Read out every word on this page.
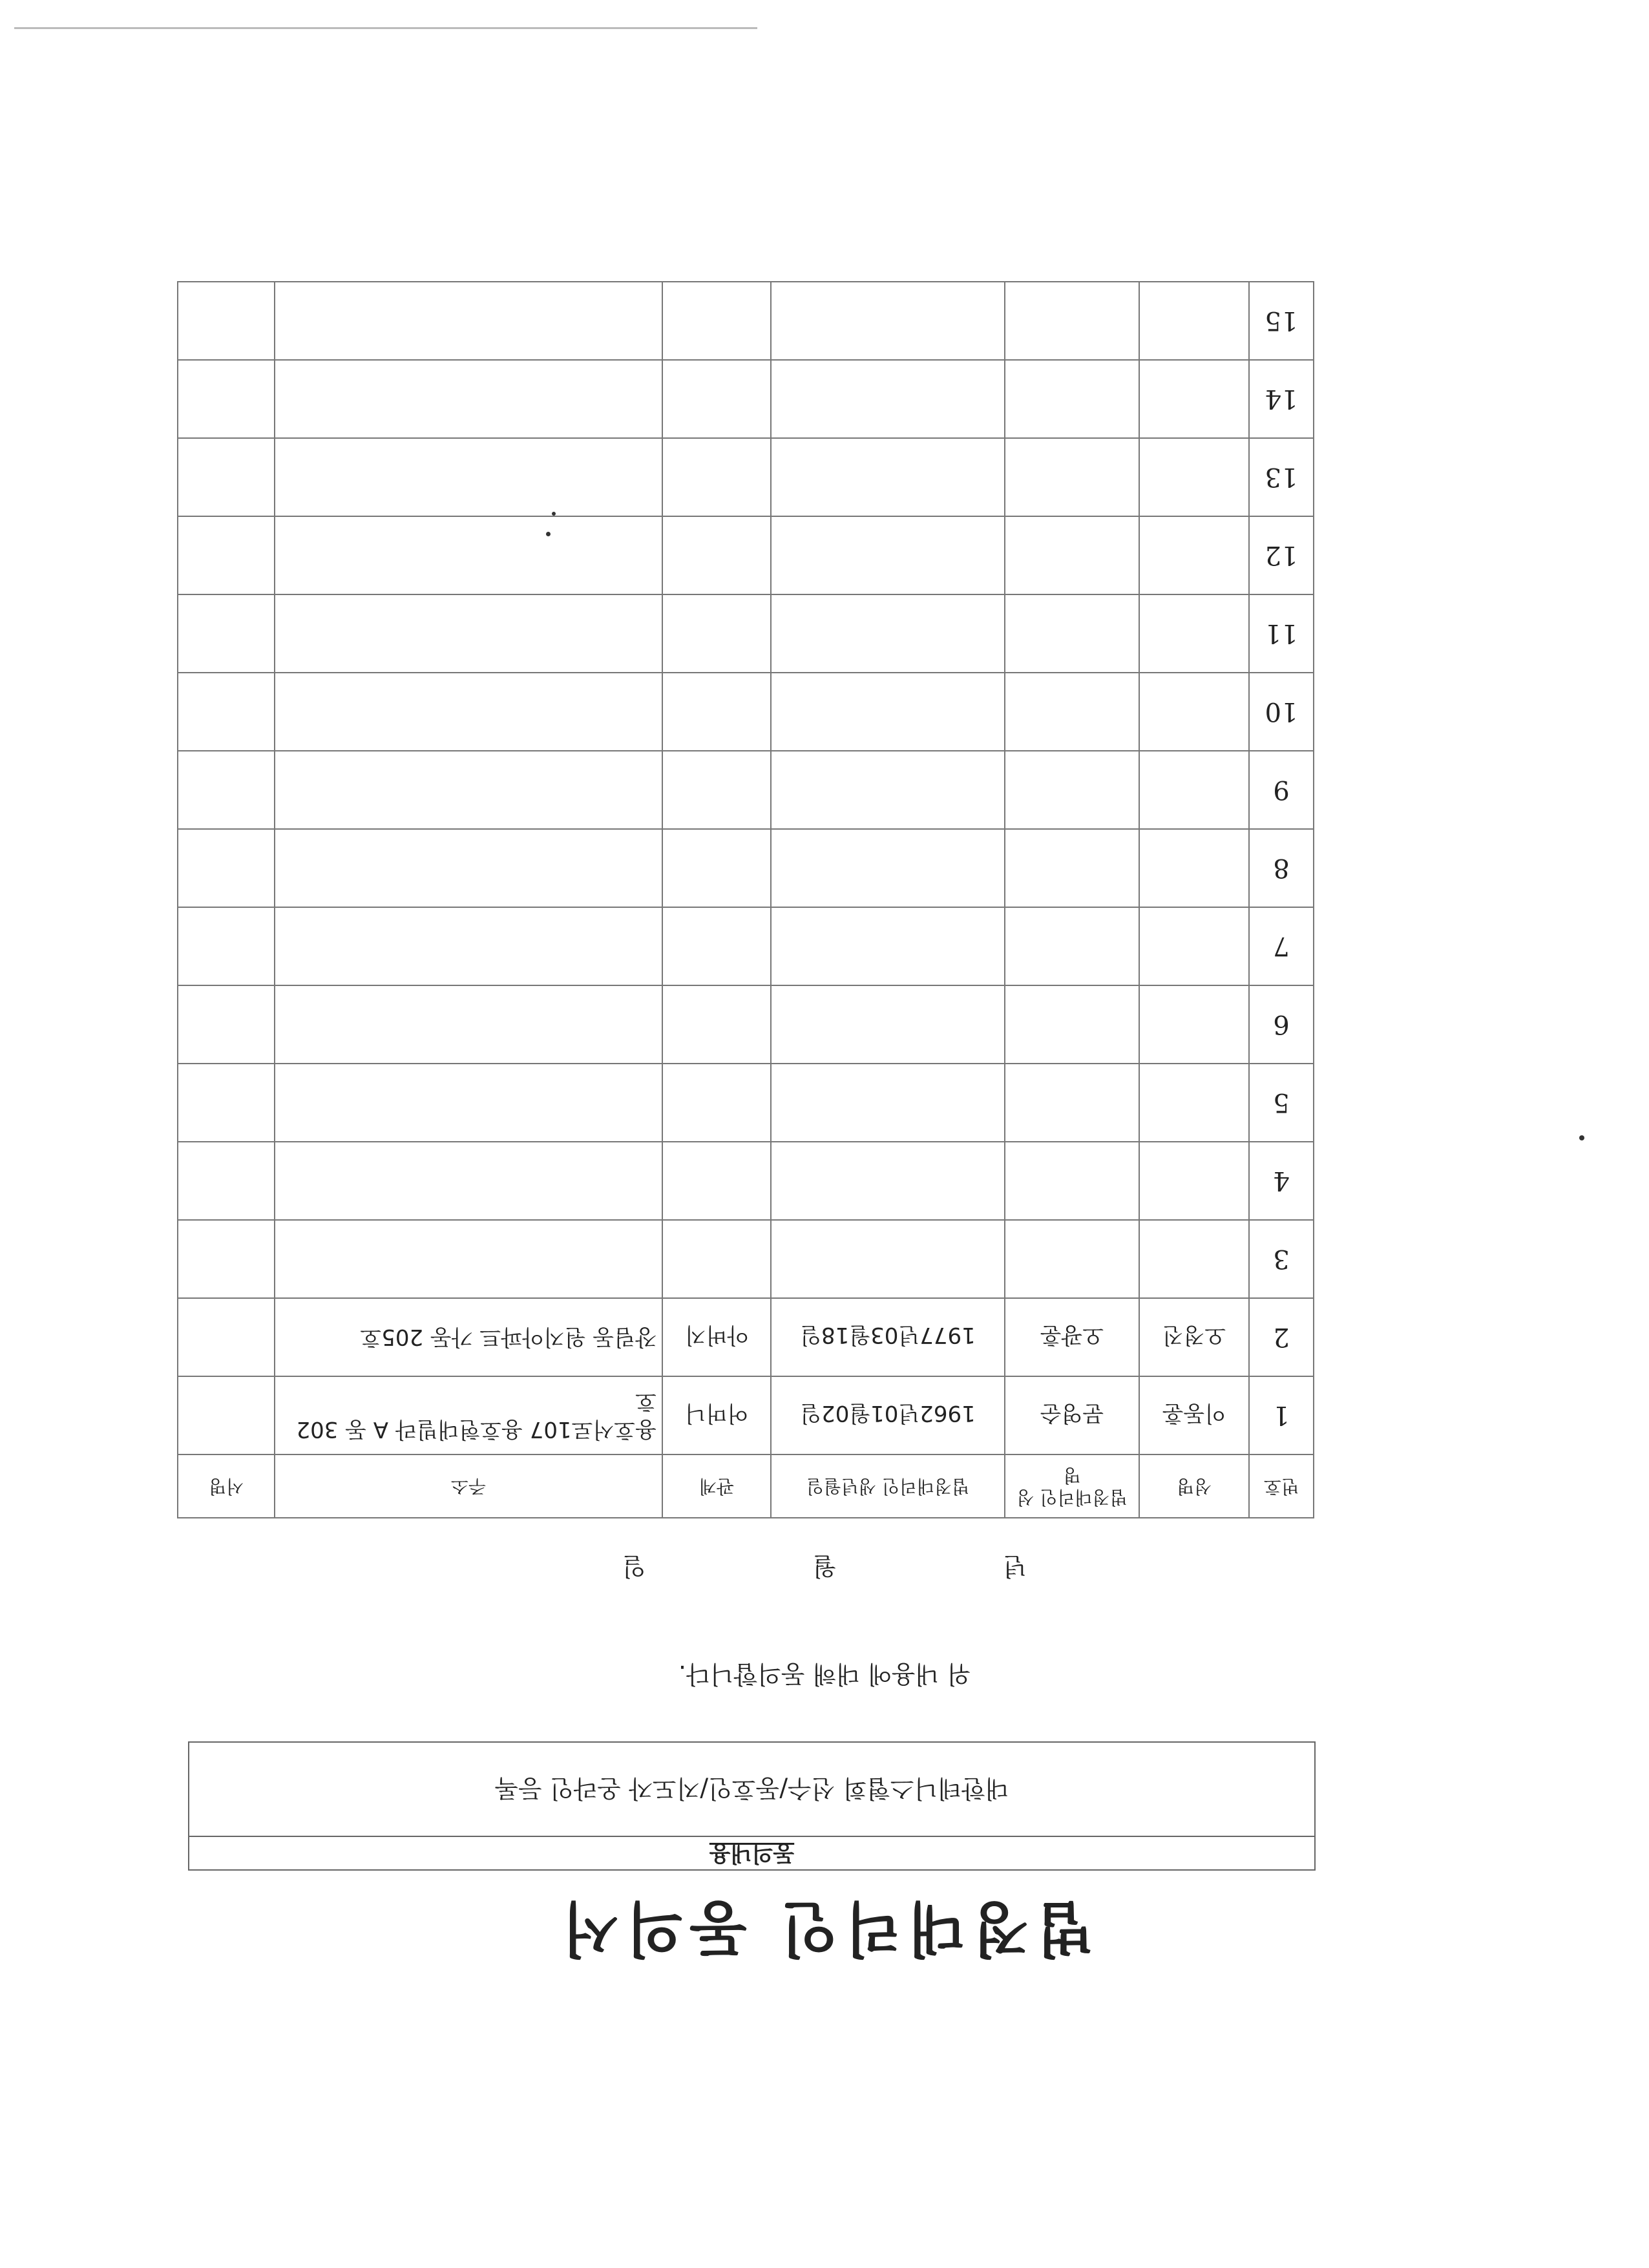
법정대리인 동의서
동의내용
대한테니스협회 선수/동호인/지도자 온라인 등록
위 내용에 대해 동의합니다.
년 월 일
번호	성명	법정대리인 성명	법정대리인 생년월일	관계	주소	서명
1	이동훈	문영순	1962년01월02일	어머니	용호서로107 용호현대빌라 A 동 302호	
2	오정진	오광훈	1977년03월18일	아버지	장림동 원지아파트 가동 205호	
3						
4						
5						
6						
7						
8						
9						
10						
11						
12						
13						
14						
15						
